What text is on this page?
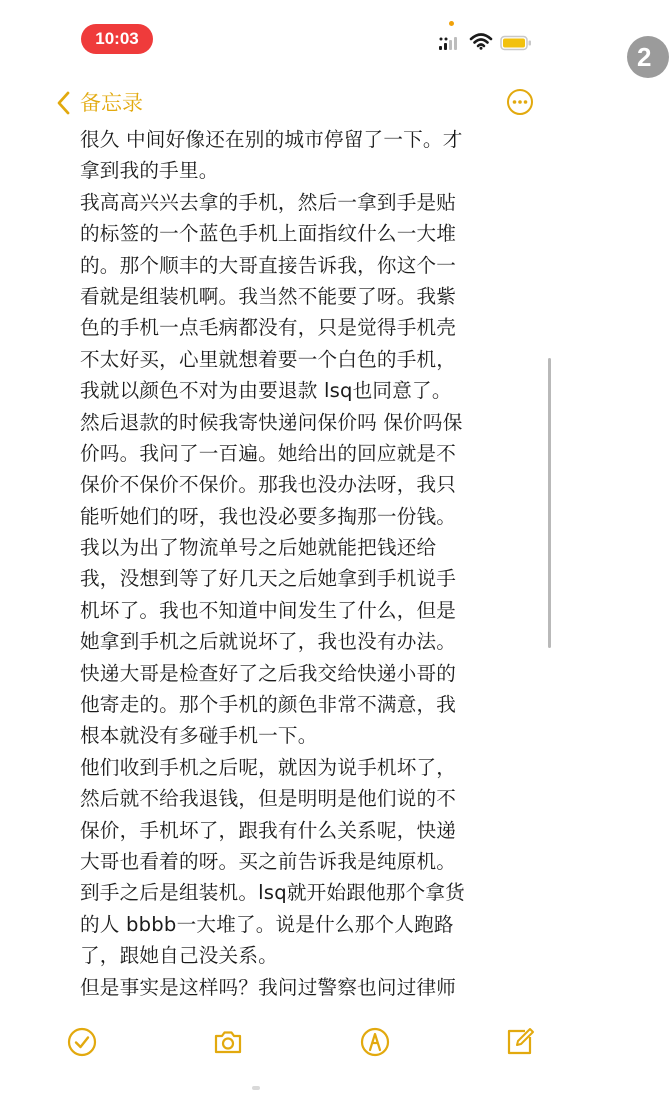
10:03
2
备忘录
很久 中间好像还在别的城市停留了一下。才
拿到我的手里。
我高高兴兴去拿的手机，然后一拿到手是贴
的标签的一个蓝色手机上面指纹什么一大堆
的。那个顺丰的大哥直接告诉我，你这个一
看就是组装机啊。我当然不能要了呀。我紫
色的手机一点毛病都没有，只是觉得手机壳
不太好买，心里就想着要一个白色的手机，
我就以颜色不对为由要退款 lsq也同意了。
然后退款的时候我寄快递问保价吗 保价吗保
价吗。我问了一百遍。她给出的回应就是不
保价不保价不保价。那我也没办法呀，我只
能听她们的呀，我也没必要多掏那一份钱。
我以为出了物流单号之后她就能把钱还给
我，没想到等了好几天之后她拿到手机说手
机坏了。我也不知道中间发生了什么，但是
她拿到手机之后就说坏了，我也没有办法。
快递大哥是检查好了之后我交给快递小哥的
他寄走的。那个手机的颜色非常不满意，我
根本就没有多碰手机一下。
他们收到手机之后呢，就因为说手机坏了，
然后就不给我退钱，但是明明是他们说的不
保价，手机坏了，跟我有什么关系呢，快递
大哥也看着的呀。买之前告诉我是纯原机。
到手之后是组装机。lsq就开始跟他那个拿货
的人 bbbb一大堆了。说是什么那个人跑路
了，跟她自己没关系。
但是事实是这样吗？我问过警察也问过律师
